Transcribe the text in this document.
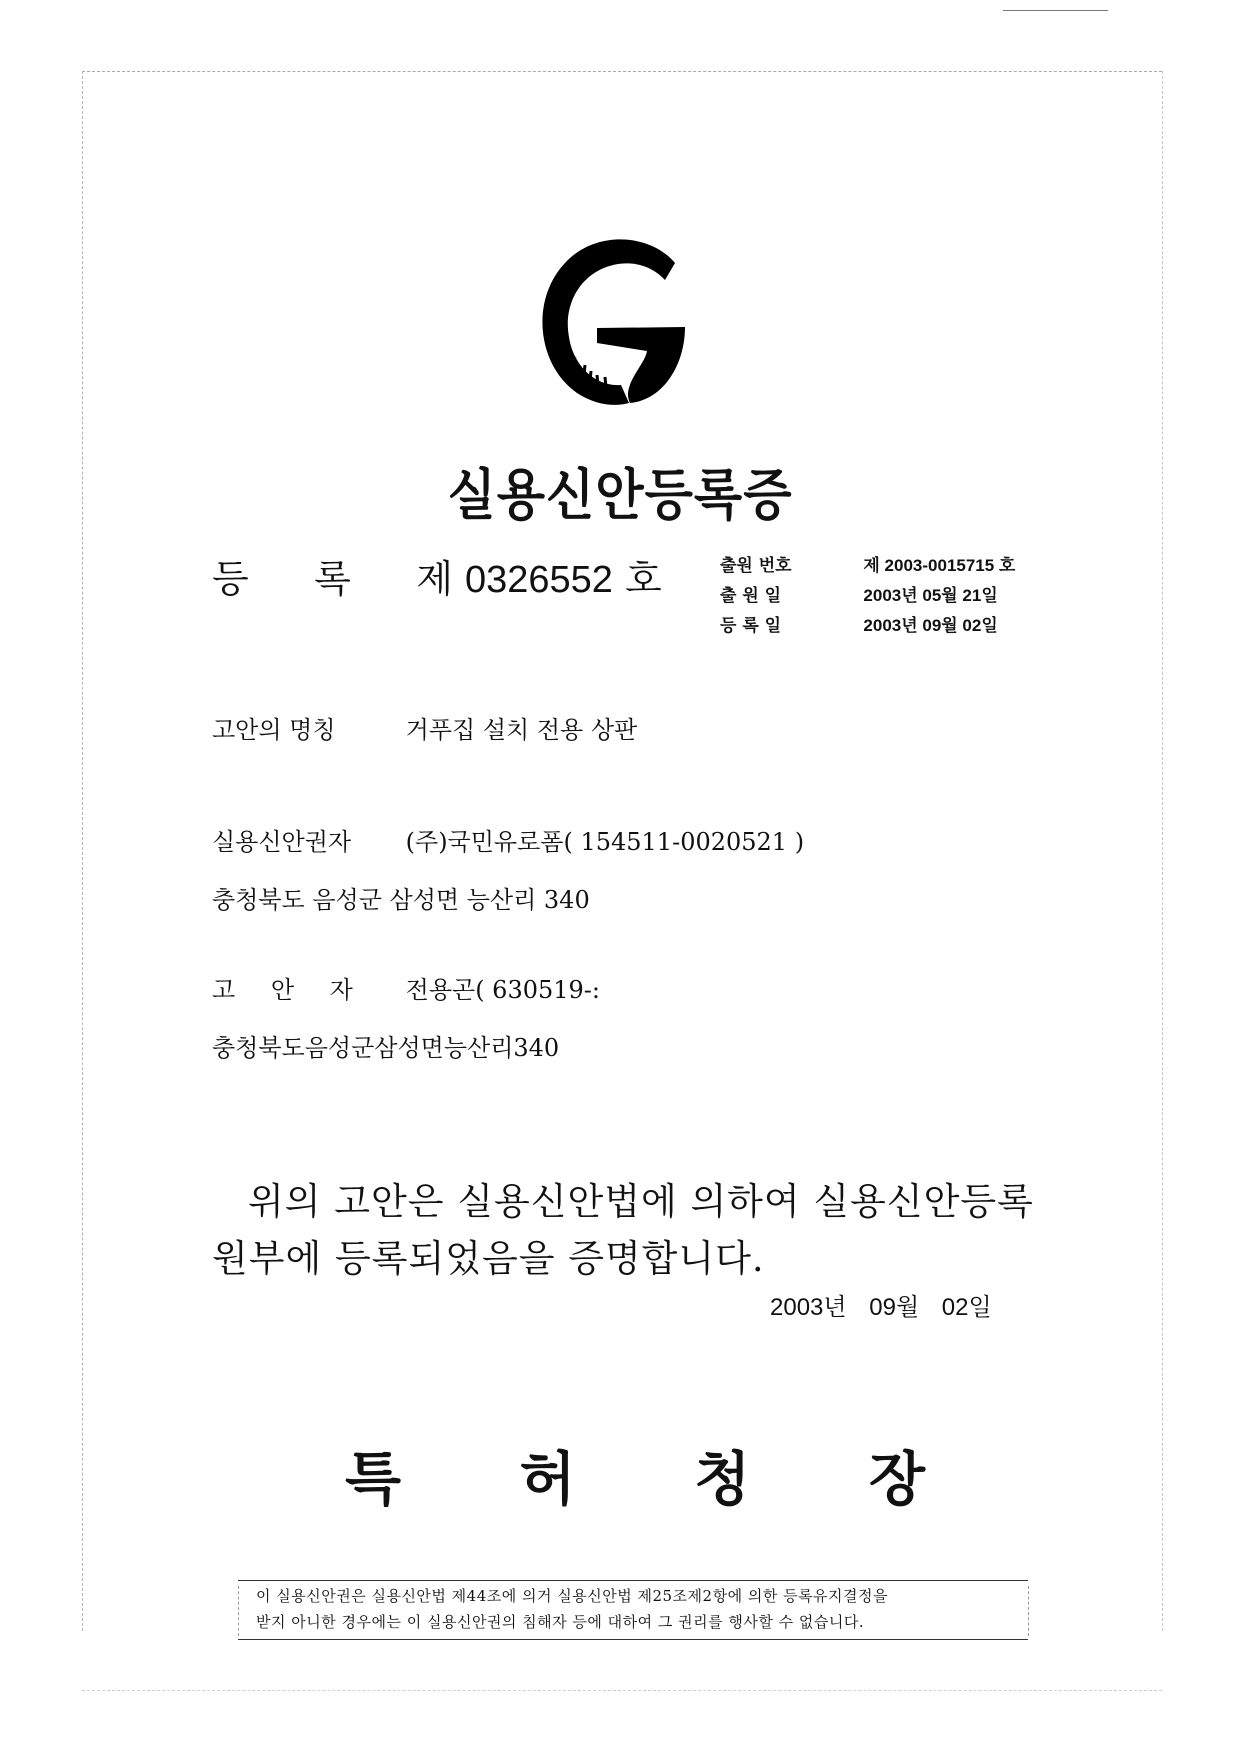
실용신안등록증
등 록 제 0326552 호	출원 번호	제 2003-0015715 호
출 원 일	2003년 05월 21일
등 록 일	2003년 09월 02일
고안의 명칭	거푸집 설치 전용 상판
실용신안권자 (주)국민유로폼( 154511-0020521 )
충청북도 음성군 삼성면 능산리 340
고 안 자 전용곤( 630519-:
충청북도음성군삼성면능산리340
위의 고안은 실용신안법에 의하여 실용신안등록
원부에 등록되었음을 증명합니다.
2003년 09월 02일
특 허 청 장
이 실용신안권은 실용신안법 제44조에 의거 실용신안법 제25조제2항에 의한 등록유지결정을
받지 아니한 경우에는 이 실용신안권의 침해자 등에 대하여 그 권리를 행사할 수 없습니다.
